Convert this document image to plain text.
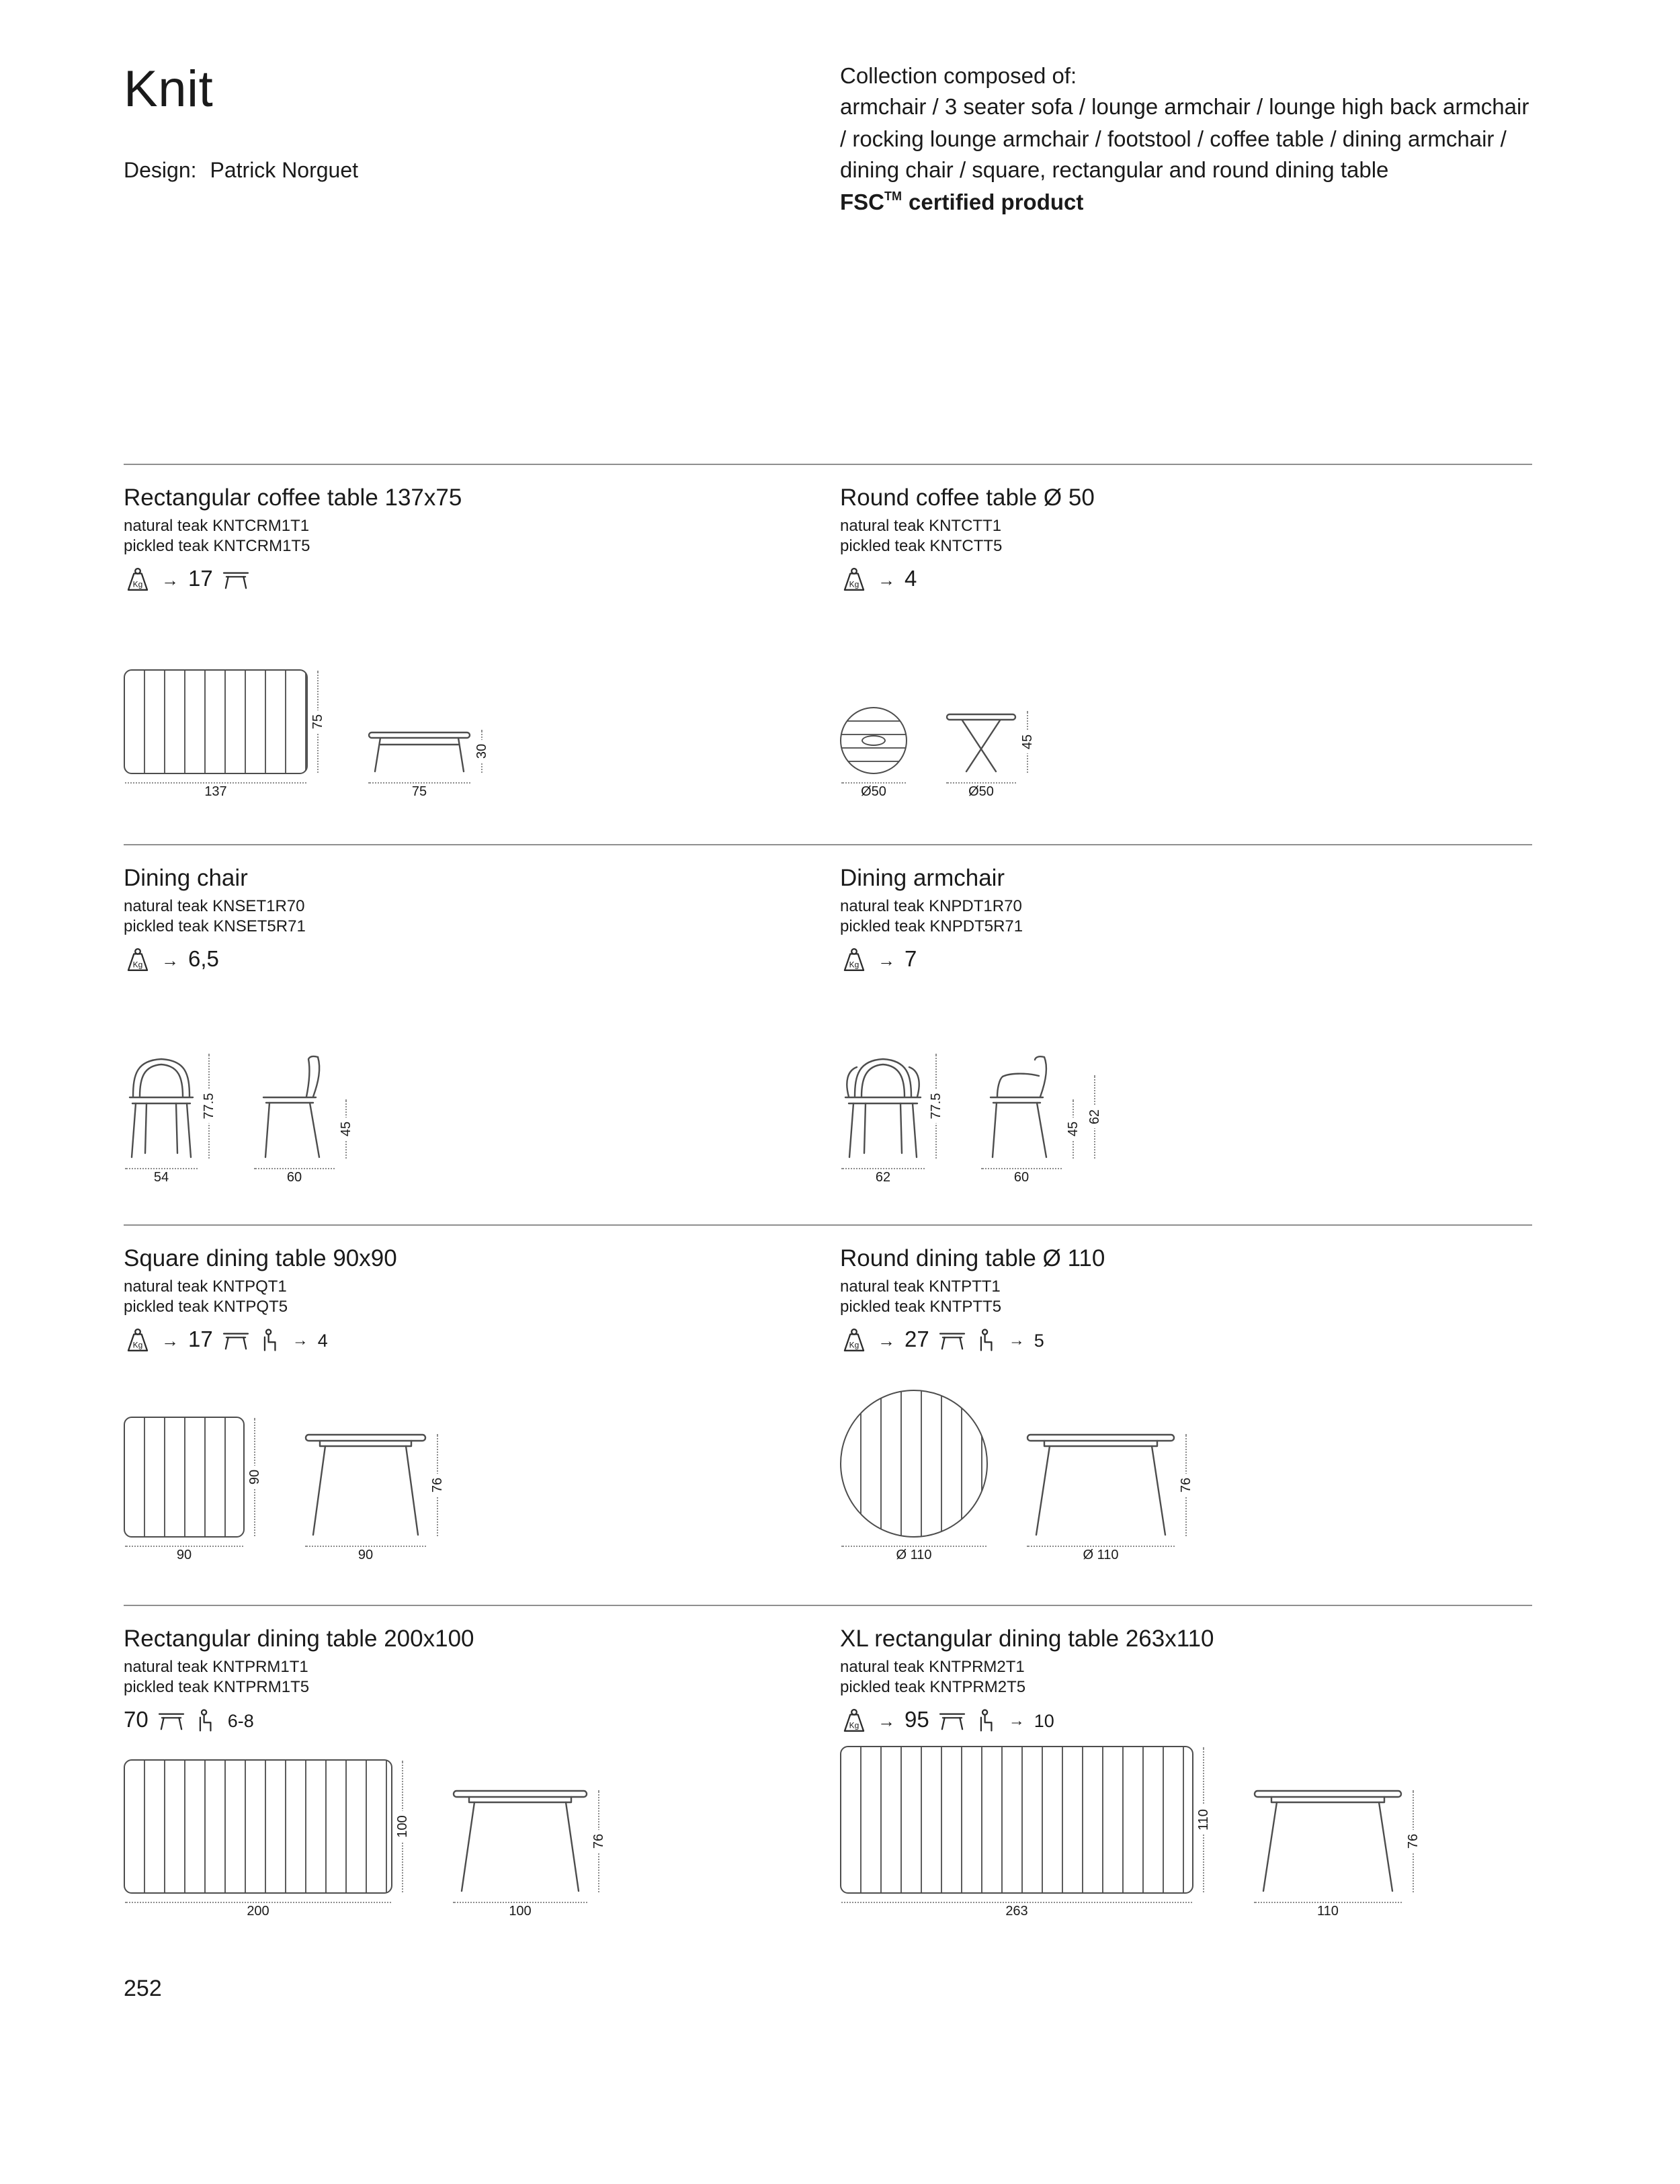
Knit
Design: Patrick Norguet

Collection composed of:

armchair / 3 seater sofa / lounge armchair / lounge high back armchair / rocking lounge armchair / footstool / coffee table / dining armchair / dining chair / square, rectangular and round dining table

FSC™ certified product

Rectangular coffee table 137x75
natural teak KNTCRM1T1
pickled teak KNTCRM1T5
→ 17
75
137
30
75
Round coffee table Ø 50
natural teak KNTCTT1
pickled teak KNTCTT5
→ 4
Ø50
45
Ø50
Dining chair
natural teak KNSET1R70
pickled teak KNSET5R71
→ 6,5
77.5
54
45
60
Dining armchair
natural teak KNPDT1R70
pickled teak KNPDT5R71
→ 7
77.5
62
45
62
60
Square dining table 90x90
natural teak KNTPQT1
pickled teak KNTPQT5
→ 17	→ 4
90
90
76
90
Round dining table Ø 110
natural teak KNTPTT1
pickled teak KNTPTT5
→ 27	→ 5
Ø 110
76
Ø 110
Rectangular dining table 200x100
natural teak KNTPRM1T1
pickled teak KNTPRM1T5
70	6-8
100
200
76
100
XL rectangular dining table 263x110
natural teak KNTPRM2T1
pickled teak KNTPRM2T5
→ 95	→ 10
110
263
76
110
252
